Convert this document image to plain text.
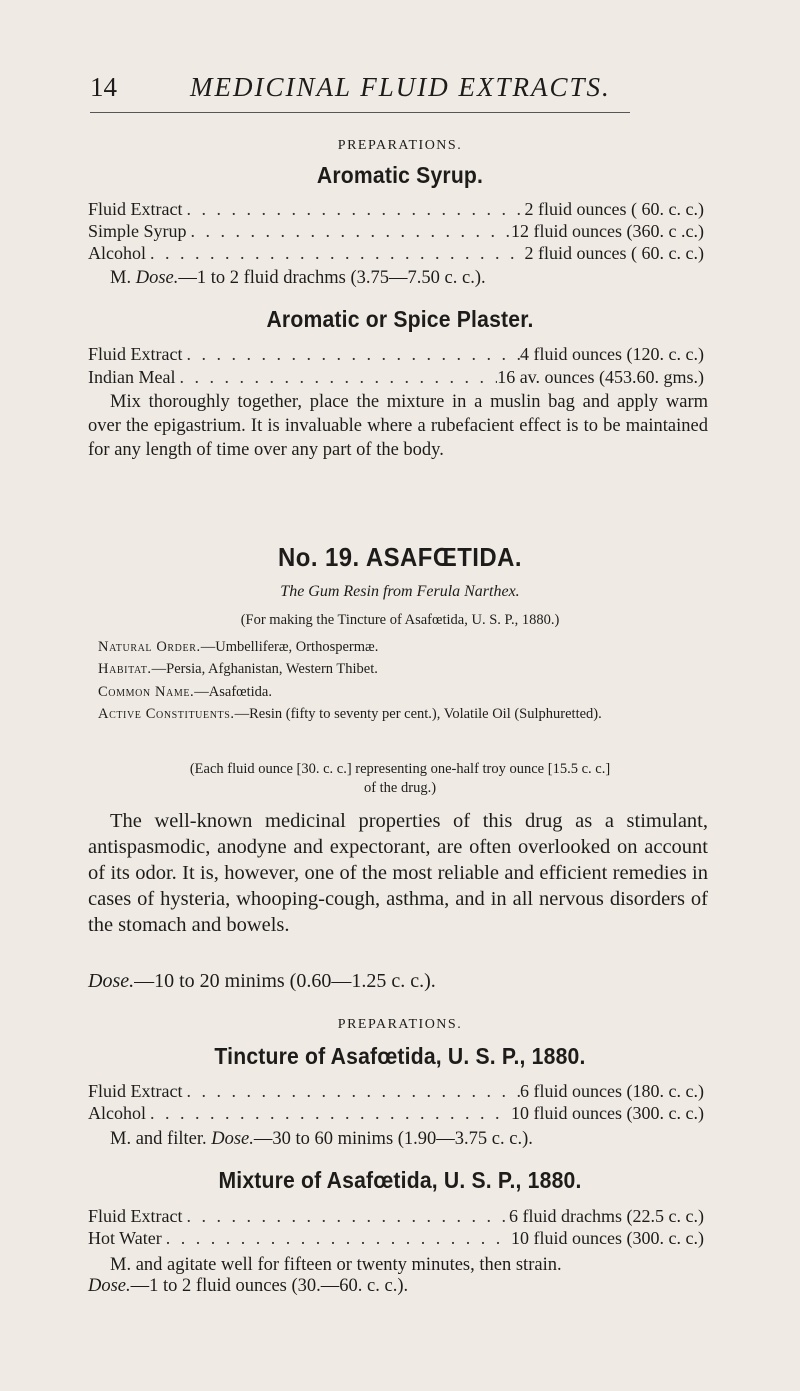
14	MEDICINAL FLUID EXTRACTS.
PREPARATIONS.
Aromatic Syrup.
Fluid Extract . . .	2 fluid ounces ( 60. c. c.)
Simple Syrup . . .	12 fluid ounces (360. c .c.)
Alcohol . . .	2 fluid ounces ( 60. c. c.)
M. Dose.—1 to 2 fluid drachms (3.75—7.50 c. c.).
Aromatic or Spice Plaster.
Fluid Extract . . .	4 fluid ounces (120. c. c.)
Indian Meal . . .	16 av. ounces (453.60. gms.)
Mix thoroughly together, place the mixture in a muslin bag and apply warm over the epigastrium. It is invaluable where a rubefacient effect is to be maintained for any length of time over any part of the body.
No. 19. ASAFŒTIDA.
The Gum Resin from Ferula Narthex.
(For making the Tincture of Asafœtida, U. S. P., 1880.)
Natural Order.—Umbelliferæ, Orthospermæ.
Habitat.—Persia, Afghanistan, Western Thibet.
Common Name.—Asafœtida.
Active Constituents.—Resin (fifty to seventy per cent.), Volatile Oil (Sulphuretted).
(Each fluid ounce [30. c. c.] representing one-half troy ounce [15.5 c. c.]
of the drug.)
The well-known medicinal properties of this drug as a stimulant, antispasmodic, anodyne and expectorant, are often overlooked on account of its odor. It is, however, one of the most reliable and efficient remedies in cases of hysteria, whooping-cough, asthma, and in all nervous disorders of the stomach and bowels.
Dose.—10 to 20 minims (0.60—1.25 c. c.).
PREPARATIONS.
Tincture of Asafœtida, U. S. P., 1880.
Fluid Extract . . .	6 fluid ounces (180. c. c.)
Alcohol . . .	10 fluid ounces (300. c. c.)
M. and filter. Dose.—30 to 60 minims (1.90—3.75 c. c.).
Mixture of Asafœtida, U. S. P., 1880.
Fluid Extract . . .	6 fluid drachms (22.5 c. c.)
Hot Water . . .	10 fluid ounces (300. c. c.)
M. and agitate well for fifteen or twenty minutes, then strain.
Dose.—1 to 2 fluid ounces (30.—60. c. c.).
